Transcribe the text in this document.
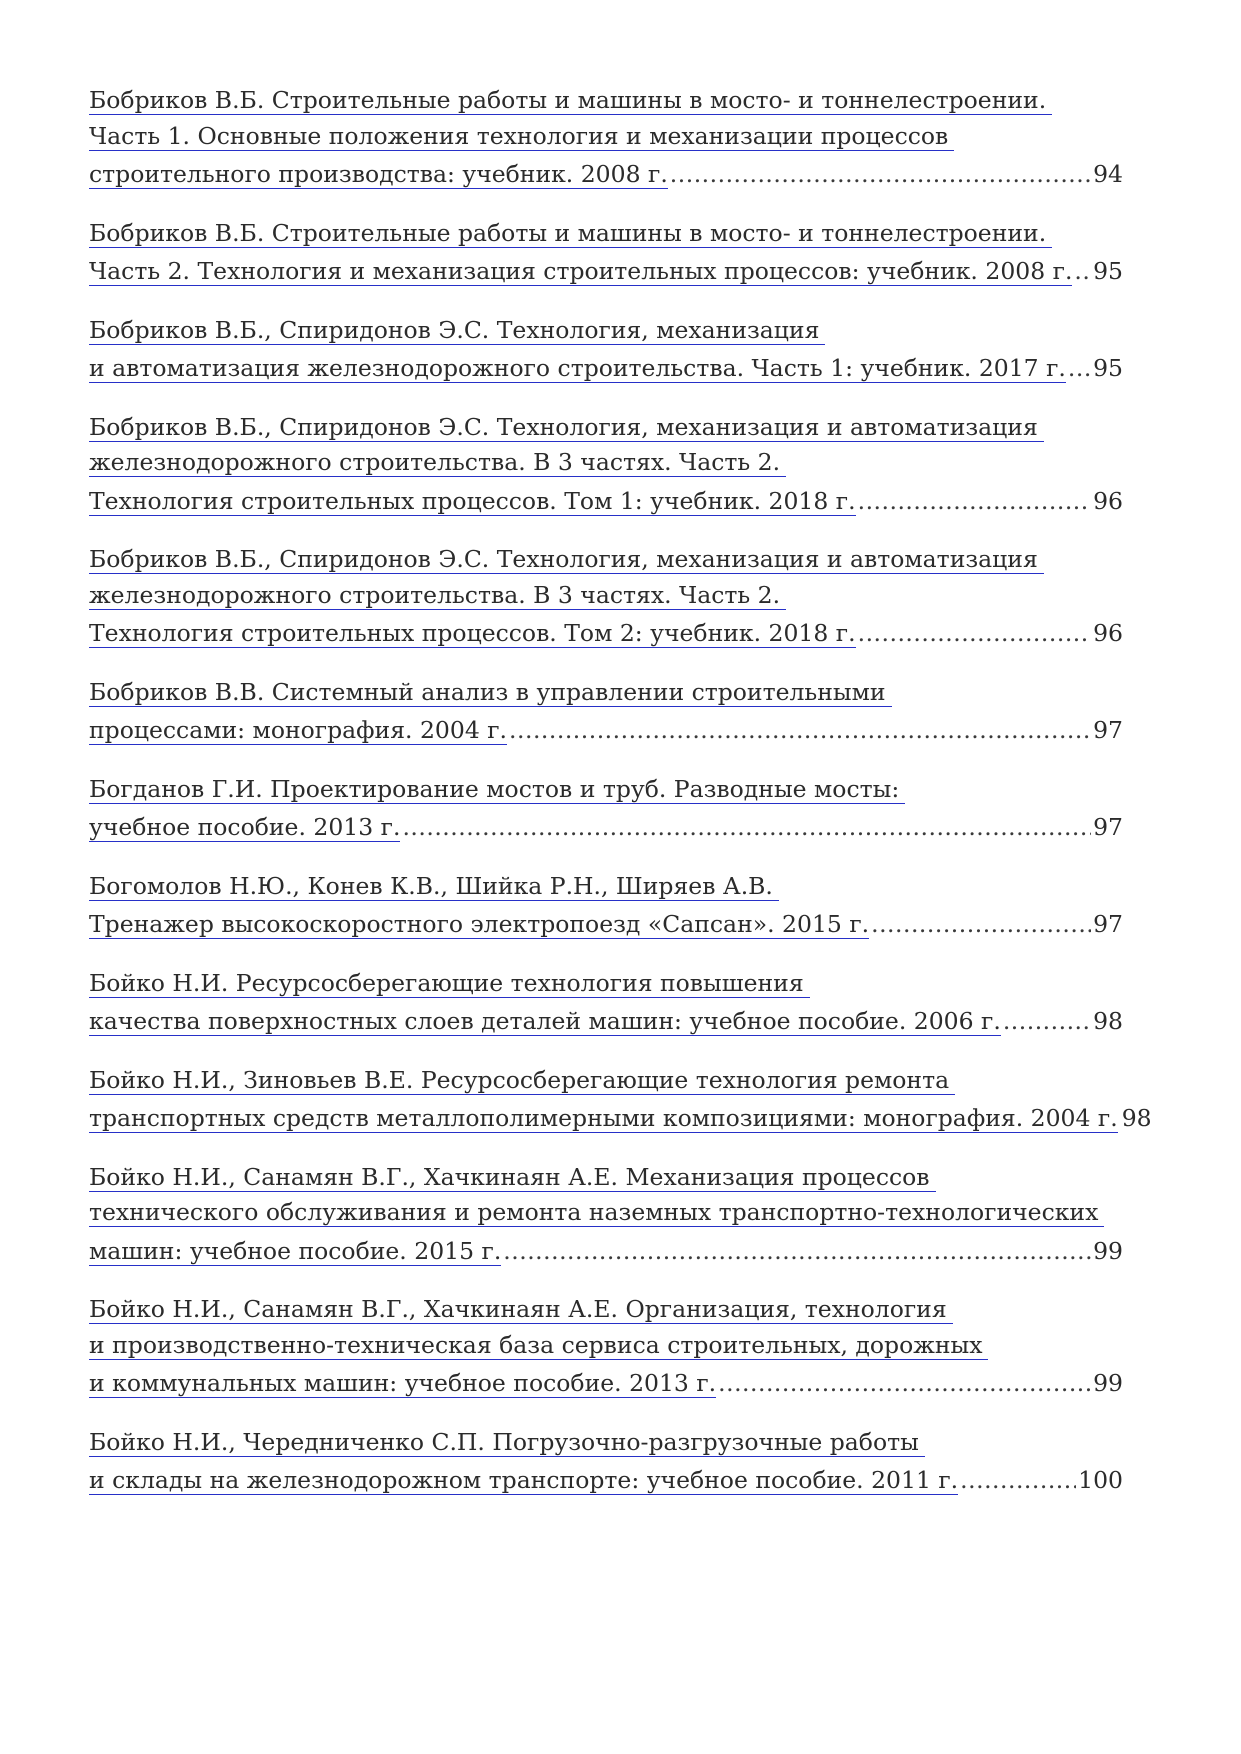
Бобриков В.Б. Строительные работы и машины в мосто- и тоннелестроении.
Часть 1. Основные положения технология и механизации процессов
строительного производства: учебник. 2008 г. .....	94
Бобриков В.Б. Строительные работы и машины в мосто- и тоннелестроении.
Часть 2. Технология и механизация строительных процессов: учебник. 2008 г. ..... 95
Бобриков В.Б., Спиридонов Э.С. Технология, механизация
и автоматизация железнодорожного строительства. Часть 1: учебник. 2017 г. ..... 95
Бобриков В.Б., Спиридонов Э.С. Технология, механизация и автоматизация
железнодорожного строительства. В 3 частях. Часть 2.
Технология строительных процессов. Том 1: учебник. 2018 г. .....	96
Бобриков В.Б., Спиридонов Э.С. Технология, механизация и автоматизация
железнодорожного строительства. В 3 частях. Часть 2.
Технология строительных процессов. Том 2: учебник. 2018 г. .....	96
Бобриков В.В. Системный анализ в управлении строительными
процессами: монография. 2004 г. .....	97
Богданов Г.И. Проектирование мостов и труб. Разводные мосты:
учебное пособие. 2013 г. .....	97
Богомолов Н.Ю., Конев К.В., Шийка Р.Н., Ширяев А.В.
Тренажер высокоскоростного электропоезд «Сапсан». 2015 г. .....	97
Бойко Н.И. Ресурсосберегающие технология повышения
качества поверхностных слоев деталей машин: учебное пособие. 2006 г. .....	98
Бойко Н.И., Зиновьев В.Е. Ресурсосберегающие технология ремонта
транспортных средств металлополимерными композициями: монография. 2004 г. 98
Бойко Н.И., Санамян В.Г., Хачкинаян А.Е. Механизация процессов
технического обслуживания и ремонта наземных транспортно-технологических
машин: учебное пособие. 2015 г. .....	99
Бойко Н.И., Санамян В.Г., Хачкинаян А.Е. Организация, технология
и производственно-техническая база сервиса строительных, дорожных
и коммунальных машин: учебное пособие. 2013 г. .....	99
Бойко Н.И., Чередниченко С.П. Погрузочно-разгрузочные работы
и склады на железнодорожном транспорте: учебное пособие. 2011 г. .....	100
